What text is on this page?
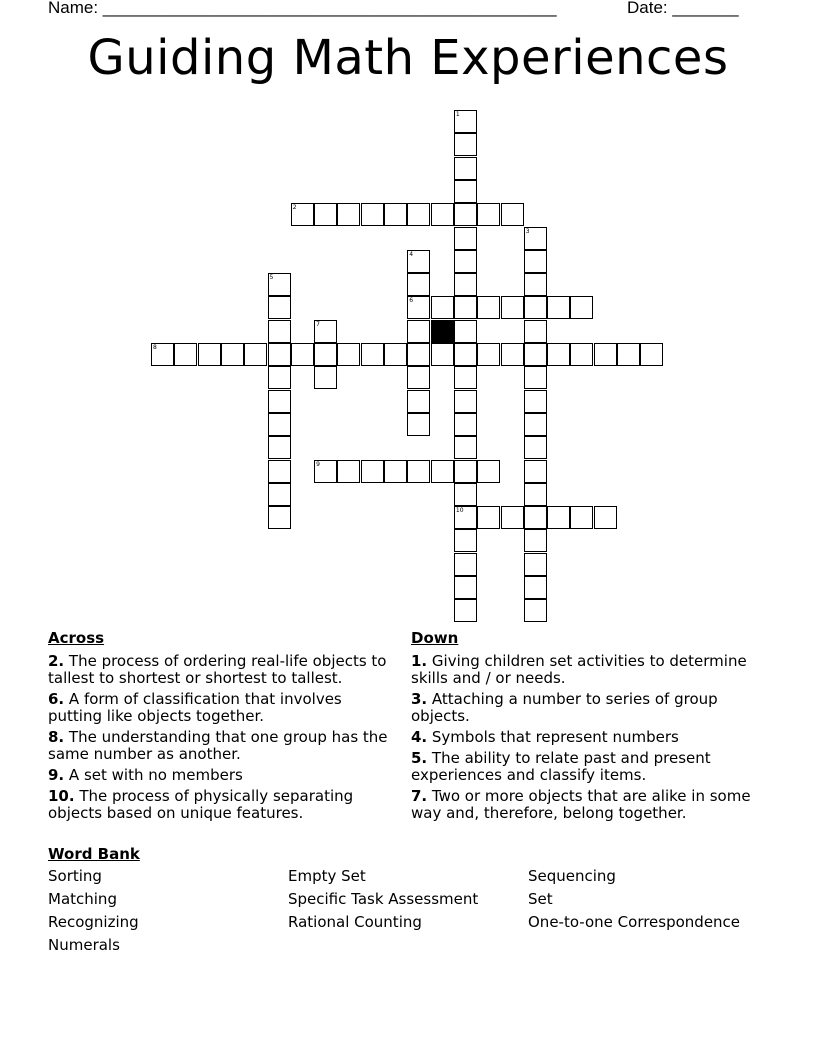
Name: ________________________________________________	Date: _______
Guiding Math Experiences
1
10
2
3
4
6
5
7
8
9
Across
2. The process of ordering real-life objects to tallest to shortest or shortest to tallest.
6. A form of classification that involves putting like objects together.
8. The understanding that one group has the same number as another.
9. A set with no members
10. The process of physically separating objects based on unique features.
Down
1. Giving children set activities to determine skills and / or needs.
3. Attaching a number to series of group objects.
4. Symbols that represent numbers
5. The ability to relate past and present experiences and classify items.
7. Two or more objects that are alike in some way and, therefore, belong together.
Word Bank
Sorting
Matching
Recognizing
Numerals
Empty Set
Specific Task Assessment
Rational Counting
Sequencing
Set
One-to-one Correspondence
